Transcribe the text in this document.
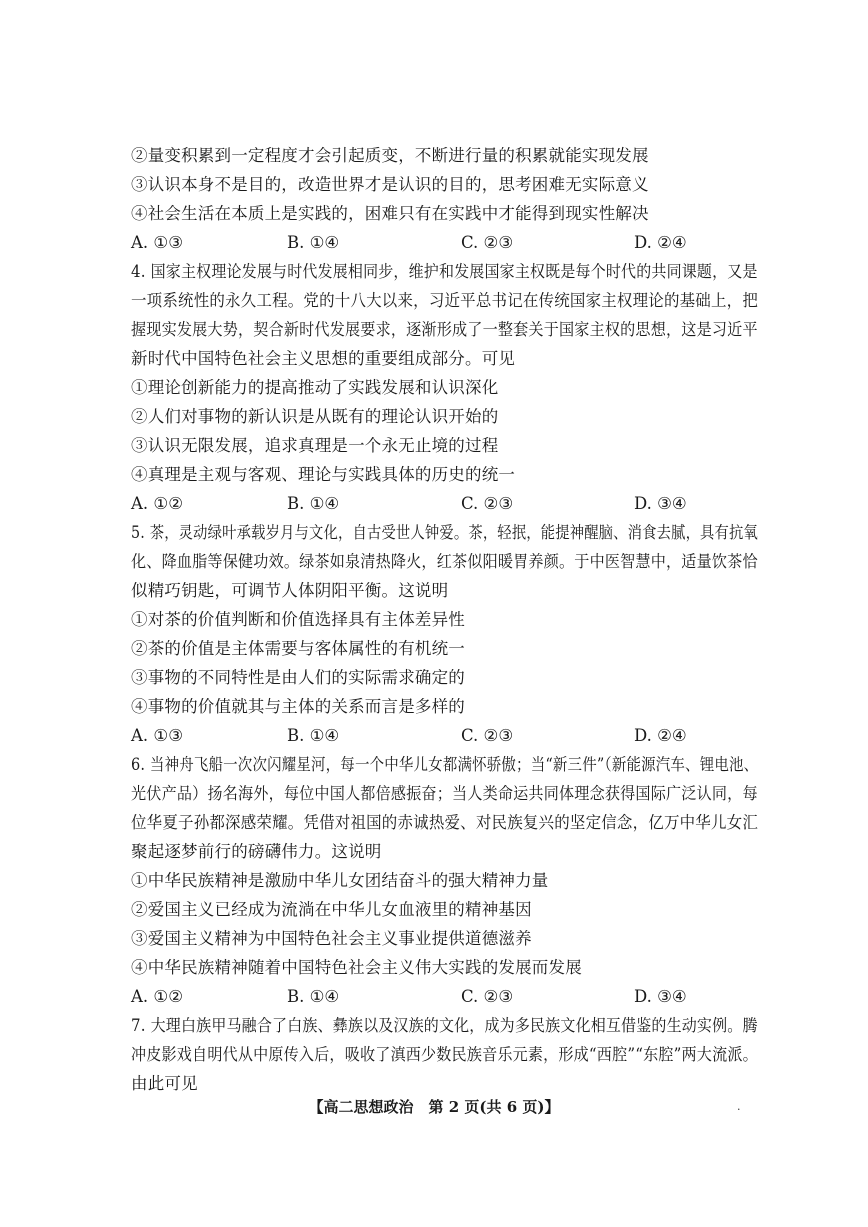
②量变积累到一定程度才会引起质变，不断进行量的积累就能实现发展
③认识本身不是目的，改造世界才是认识的目的，思考困难无实际意义
④社会生活在本质上是实践的，困难只有在实践中才能得到现实性解决
A. ①③	B. ①④	C. ②③	D. ②④
4. 国家主权理论发展与时代发展相同步，维护和发展国家主权既是每个时代的共同课题，又是
一项系统性的永久工程。党的十八大以来，习近平总书记在传统国家主权理论的基础上，把
握现实发展大势，契合新时代发展要求，逐渐形成了一整套关于国家主权的思想，这是习近平
新时代中国特色社会主义思想的重要组成部分。可见
①理论创新能力的提高推动了实践发展和认识深化
②人们对事物的新认识是从既有的理论认识开始的
③认识无限发展，追求真理是一个永无止境的过程
④真理是主观与客观、理论与实践具体的历史的统一
A. ①②	B. ①④	C. ②③	D. ③④
5. 茶，灵动绿叶承载岁月与文化，自古受世人钟爱。茶，轻抿，能提神醒脑、消食去腻，具有抗氧
化、降血脂等保健功效。绿茶如泉清热降火，红茶似阳暖胃养颜。于中医智慧中，适量饮茶恰
似精巧钥匙，可调节人体阴阳平衡。这说明
①对茶的价值判断和价值选择具有主体差异性
②茶的价值是主体需要与客体属性的有机统一
③事物的不同特性是由人们的实际需求确定的
④事物的价值就其与主体的关系而言是多样的
A. ①③	B. ①④	C. ②③	D. ②④
6. 当神舟飞船一次次闪耀星河，每一个中华儿女都满怀骄傲；当“新三件”（新能源汽车、锂电池、
光伏产品）扬名海外，每位中国人都倍感振奋；当人类命运共同体理念获得国际广泛认同，每
位华夏子孙都深感荣耀。凭借对祖国的赤诚热爱、对民族复兴的坚定信念，亿万中华儿女汇
聚起逐梦前行的磅礴伟力。这说明
①中华民族精神是激励中华儿女团结奋斗的强大精神力量
②爱国主义已经成为流淌在中华儿女血液里的精神基因
③爱国主义精神为中国特色社会主义事业提供道德滋养
④中华民族精神随着中国特色社会主义伟大实践的发展而发展
A. ①②	B. ①④	C. ②③	D. ③④
7. 大理白族甲马融合了白族、彝族以及汉族的文化，成为多民族文化相互借鉴的生动实例。腾
冲皮影戏自明代从中原传入后，吸收了滇西少数民族音乐元素，形成“西腔”“东腔”两大流派。
由此可见
【高二思想政治　第 2 页(共 6 页)】	.
